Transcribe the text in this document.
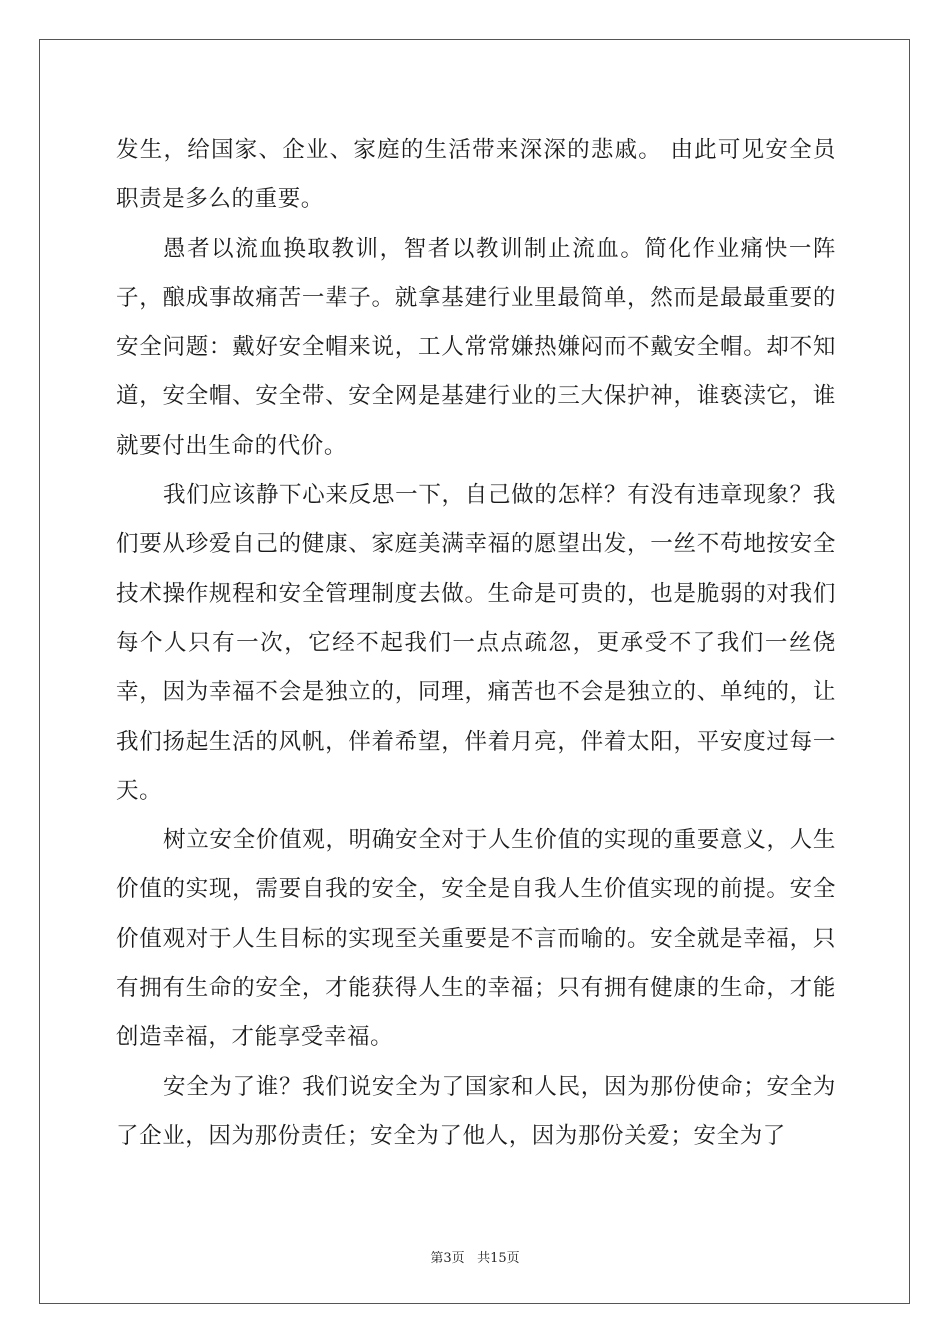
发生，给国家、企业、家庭的生活带来深深的悲戚。 由此可见安全员职责是多么的重要。

愚者以流血换取教训，智者以教训制止流血。简化作业痛快一阵子，酿成事故痛苦一辈子。就拿基建行业里最简单，然而是最最重要的安全问题：戴好安全帽来说，工人常常嫌热嫌闷而不戴安全帽。却不知道，安全帽、安全带、安全网是基建行业的三大保护神，谁亵渎它，谁就要付出生命的代价。

我们应该静下心来反思一下，自己做的怎样？有没有违章现象？我们要从珍爱自己的健康、家庭美满幸福的愿望出发，一丝不苟地按安全技术操作规程和安全管理制度去做。生命是可贵的，也是脆弱的对我们每个人只有一次，它经不起我们一点点疏忽，更承受不了我们一丝侥幸，因为幸福不会是独立的，同理，痛苦也不会是独立的、单纯的，让我们扬起生活的风帆，伴着希望，伴着月亮，伴着太阳，平安度过每一天。

树立安全价值观，明确安全对于人生价值的实现的重要意义，人生价值的实现，需要自我的安全，安全是自我人生价值实现的前提。安全价值观对于人生目标的实现至关重要是不言而喻的。安全就是幸福，只有拥有生命的安全，才能获得人生的幸福；只有拥有健康的生命，才能创造幸福，才能享受幸福。

安全为了谁？我们说安全为了国家和人民，因为那份使命；安全为了企业，因为那份责任；安全为了他人，因为那份关爱；安全为了

第3页 共15页
